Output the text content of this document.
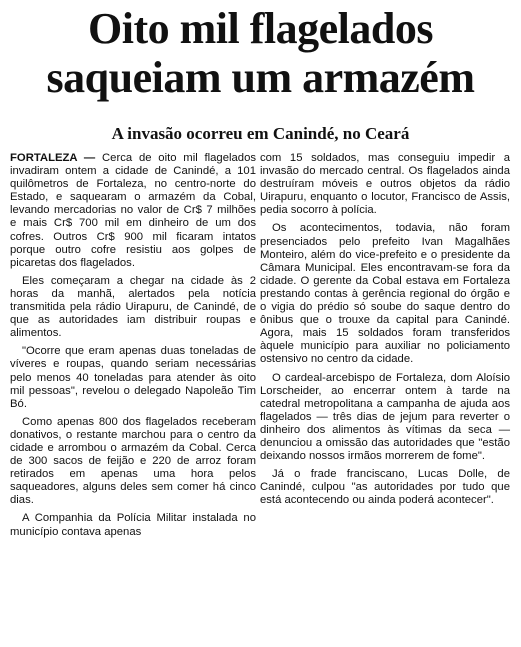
Oito mil flagelados
saqueiam um armazém
A invasão ocorreu em Canindé, no Ceará

FORTALEZA — Cerca de oito mil flagelados invadiram ontem a cidade de Canindé, a 101 quilômetros de Fortaleza, no centro-norte do Estado, e saquearam o armazém da Cobal, levando mercadorias no valor de Cr$ 7 milhões e mais Cr$ 700 mil em dinheiro de um dos cofres. Outros Cr$ 900 mil ficaram intatos porque outro cofre resistiu aos golpes de picaretas dos flagelados.

Eles começaram a chegar na cidade às 2 horas da manhã, alertados pela notícia transmitida pela rádio Uirapuru, de Canindé, de que as autoridades iam distribuir roupas e alimentos.

"Ocorre que eram apenas duas toneladas de víveres e roupas, quando seriam necessárias pelo menos 40 toneladas para atender às oito mil pessoas", revelou o delegado Napoleão Tim Bó.

Como apenas 800 dos flagelados receberam donativos, o restante marchou para o centro da cidade e arrombou o armazém da Cobal. Cerca de 300 sacos de feijão e 220 de arroz foram retirados em apenas uma hora pelos saqueadores, alguns deles sem comer há cinco dias.

A Companhia da Polícia Militar instalada no município contava apenas

com 15 soldados, mas conseguiu impedir a invasão do mercado central. Os flagelados ainda destruíram móveis e outros objetos da rádio Uirapuru, enquanto o locutor, Francisco de Assis, pedia socorro à polícia.

Os acontecimentos, todavia, não foram presenciados pelo prefeito Ivan Magalhães Monteiro, além do vice-prefeito e o presidente da Câmara Municipal. Eles encontravam-se fora da cidade. O gerente da Cobal estava em Fortaleza prestando contas à gerência regional do órgão e o vigia do prédio só soube do saque dentro do ônibus que o trouxe da capital para Canindé. Agora, mais 15 soldados foram transferidos àquele município para auxiliar no policiamento ostensivo no centro da cidade.

O cardeal-arcebispo de Fortaleza, dom Aloísio Lorscheider, ao encerrar ontem à tarde na catedral metropolitana a campanha de ajuda aos flagelados — três dias de jejum para reverter o dinheiro dos alimentos às vítimas da seca — denunciou a omissão das autoridades que "estão deixando nossos irmãos morrerem de fome".

Já o frade franciscano, Lucas Dolle, de Canindé, culpou "as autoridades por tudo que está acontecendo ou ainda poderá acontecer".
